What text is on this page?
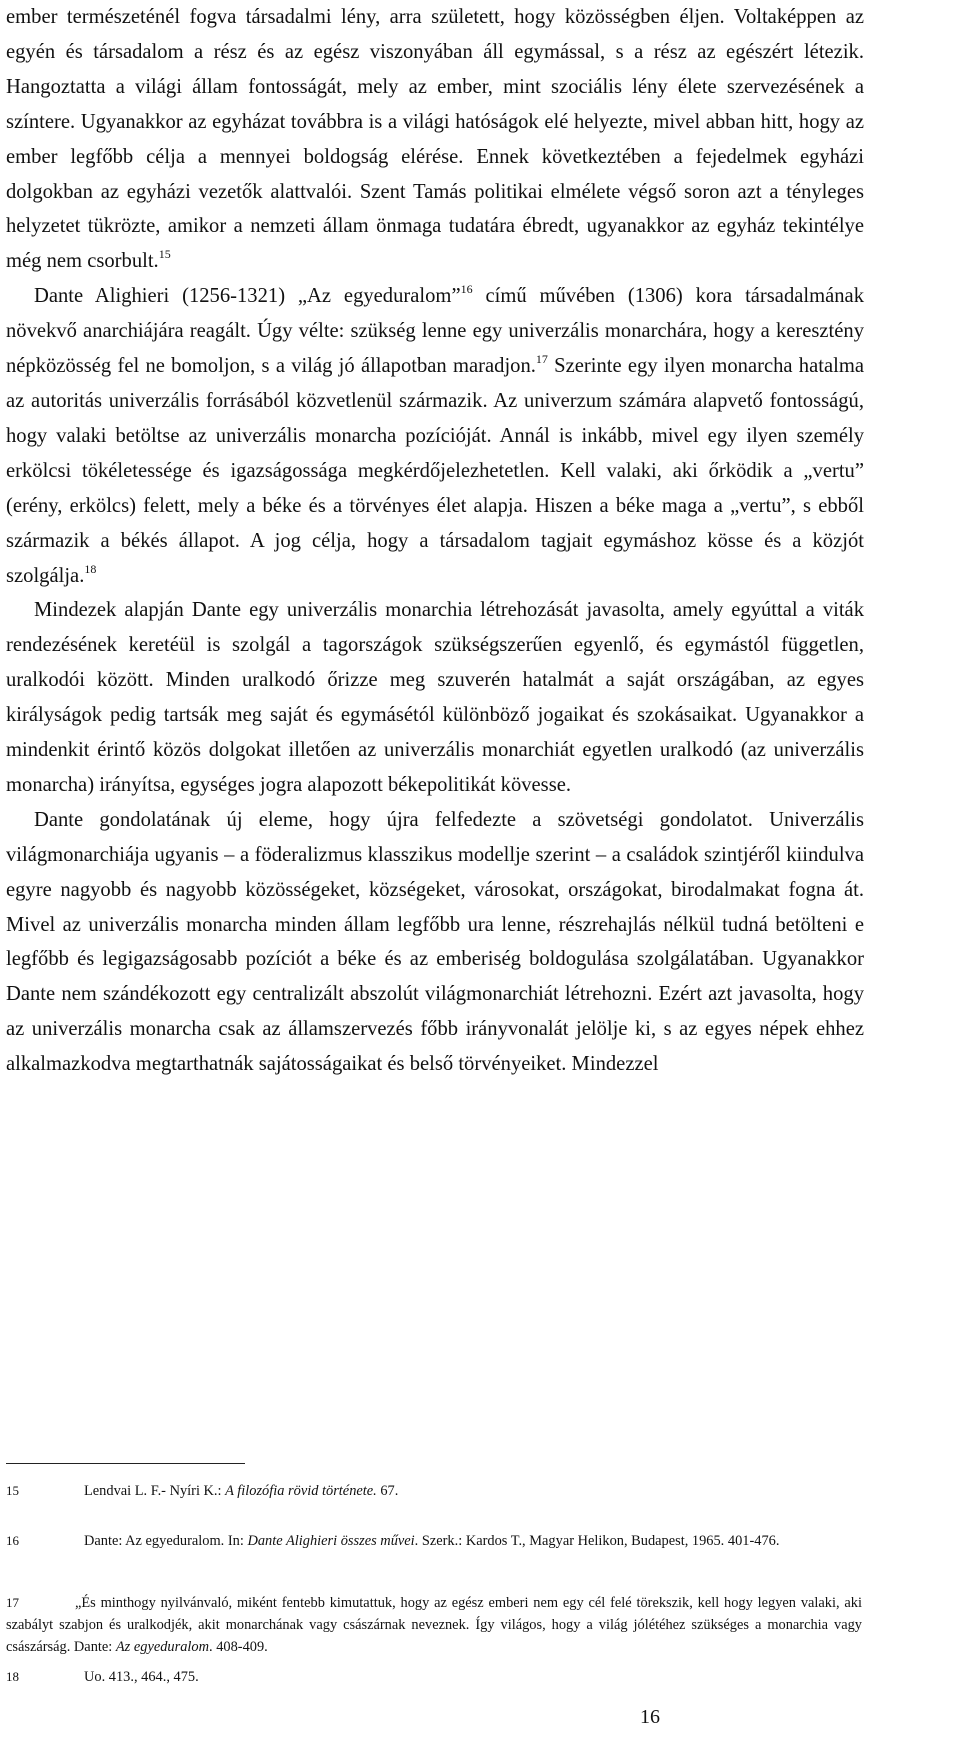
ember természeténél fogva társadalmi lény, arra született, hogy közösségben éljen. Voltaképpen az egyén és társadalom a rész és az egész viszonyában áll egymással, s a rész az egészért létezik. Hangoztatta a világi állam fontosságát, mely az ember, mint szociális lény élete szervezésének a színtere. Ugyanakkor az egyházat továbbra is a világi hatóságok elé helyezte, mivel abban hitt, hogy az ember legfőbb célja a mennyei boldogság elérése. Ennek következtében a fejedelmek egyházi dolgokban az egyházi vezetők alattvalói. Szent Tamás politikai elmélete végső soron azt a tényleges helyzetet tükrözte, amikor a nemzeti állam önmaga tudatára ébredt, ugyanakkor az egyház tekintélye még nem csorbult.$^{15}$

Dante Alighieri (1256-1321) „Az egyeduralom”$^{16}$ című művében (1306) kora társadalmának növekvő anarchiájára reagált. Úgy vélte: szükség lenne egy univerzális monarchára, hogy a keresztény népközösség fel ne bomoljon, s a világ jó állapotban maradjon.$^{17}$ Szerinte egy ilyen monarcha hatalma az autoritás univerzális forrásából közvetlenül származik. Az univerzum számára alapvető fontosságú, hogy valaki betöltse az univerzális monarcha pozícióját. Annál is inkább, mivel egy ilyen személy erkölcsi tökéletessége és igazságossága megkérdőjelezhetetlen. Kell valaki, aki őrködik a „vertu” (erény, erkölcs) felett, mely a béke és a törvényes élet alapja. Hiszen a béke maga a „vertu”, s ebből származik a békés állapot. A jog célja, hogy a társadalom tagjait egymáshoz kösse és a közjót szolgálja.$^{18}$

Mindezek alapján Dante egy univerzális monarchia létrehozását javasolta, amely egyúttal a viták rendezésének keretéül is szolgál a tagországok szükségszerűen egyenlő, és egymástól független, uralkodói között. Minden uralkodó őrizze meg szuverén hatalmát a saját országában, az egyes királyságok pedig tartsák meg saját és egymásétól különböző jogaikat és szokásaikat. Ugyanakkor a mindenkit érintő közös dolgokat illetően az univerzális monarchiát egyetlen uralkodó (az univerzális monarcha) irányítsa, egységes jogra alapozott békepolitikát kövesse.

Dante gondolatának új eleme, hogy újra felfedezte a szövetségi gondolatot. Univerzális világmonarchiája ugyanis – a föderalizmus klasszikus modellje szerint – a családok szintjéről kiindulva egyre nagyobb és nagyobb közösségeket, községeket, városokat, országokat, birodalmakat fogna át. Mivel az univerzális monarcha minden állam legfőbb ura lenne, részrehajlás nélkül tudná betölteni e legfőbb és legigazságosabb pozíciót a béke és az emberiség boldogulása szolgálatában. Ugyanakkor Dante nem szándékozott egy centralizált abszolút világmonarchiát létrehozni. Ezért azt javasolta, hogy az univerzális monarcha csak az államszervezés főbb irányvonalát jelölje ki, s az egyes népek ehhez alkalmazkodva megtarthatnák sajátosságaikat és belső törvényeiket. Mindezzel

15	Lendvai L. F.- Nyíri K.: A filozófia rövid története. 67.
16	Dante: Az egyeduralom. In: Dante Alighieri összes művei. Szerk.: Kardos T., Magyar Helikon, Budapest, 1965. 401-476.
17	„És minthogy nyilvánvaló, miként fentebb kimutattuk, hogy az egész emberi nem egy cél felé törekszik, kell hogy legyen valaki, aki szabályt szabjon és uralkodjék, akit monarchának vagy császárnak neveznek. Így világos, hogy a világ jólétéhez szükséges a monarchia vagy császárság. Dante: Az egyeduralom. 408-409.
18	Uo. 413., 464., 475.
16
